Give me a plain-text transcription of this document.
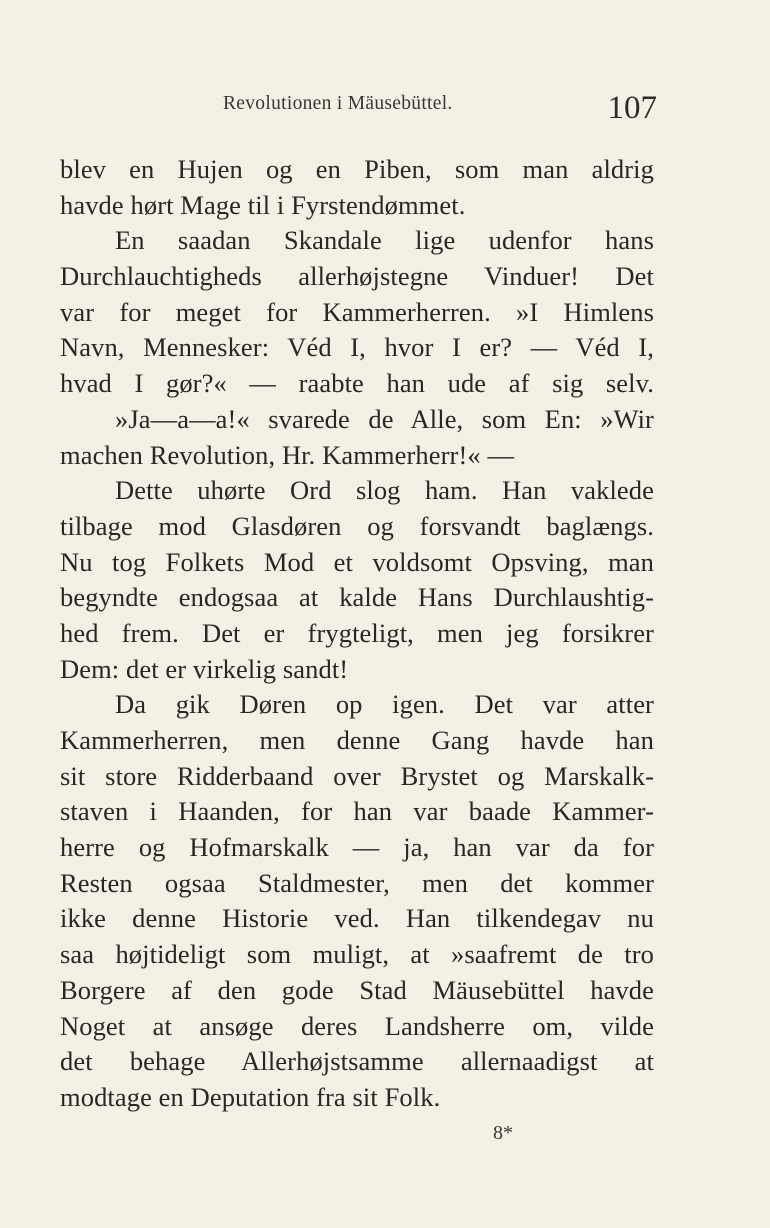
Revolutionen i Mäusebüttel.	107
blev en Hujen og en Piben, som man aldrig
havde hørt Mage til i Fyrstendømmet.
En saadan Skandale lige udenfor hans
Durchlauchtigheds allerhøjstegne Vinduer! Det
var for meget for Kammerherren. »I Himlens
Navn, Mennesker: Véd I, hvor I er? — Véd I,
hvad I gør?« — raabte han ude af sig selv.
»Ja—a—a!« svarede de Alle, som En: »Wir
machen Revolution, Hr. Kammerherr!« —
Dette uhørte Ord slog ham. Han vaklede
tilbage mod Glasdøren og forsvandt baglængs.
Nu tog Folkets Mod et voldsomt Opsving, man
begyndte endogsaa at kalde Hans Durchlaushtig-
hed frem. Det er frygteligt, men jeg forsikrer
Dem: det er virkelig sandt!
Da gik Døren op igen. Det var atter
Kammerherren, men denne Gang havde han
sit store Ridderbaand over Brystet og Marskalk-
staven i Haanden, for han var baade Kammer-
herre og Hofmarskalk — ja, han var da for
Resten ogsaa Staldmester, men det kommer
ikke denne Historie ved. Han tilkendegav nu
saa højtideligt som muligt, at »saafremt de tro
Borgere af den gode Stad Mäusebüttel havde
Noget at ansøge deres Landsherre om, vilde
det behage Allerhøjstsamme allernaadigst at
modtage en Deputation fra sit Folk.
8*
